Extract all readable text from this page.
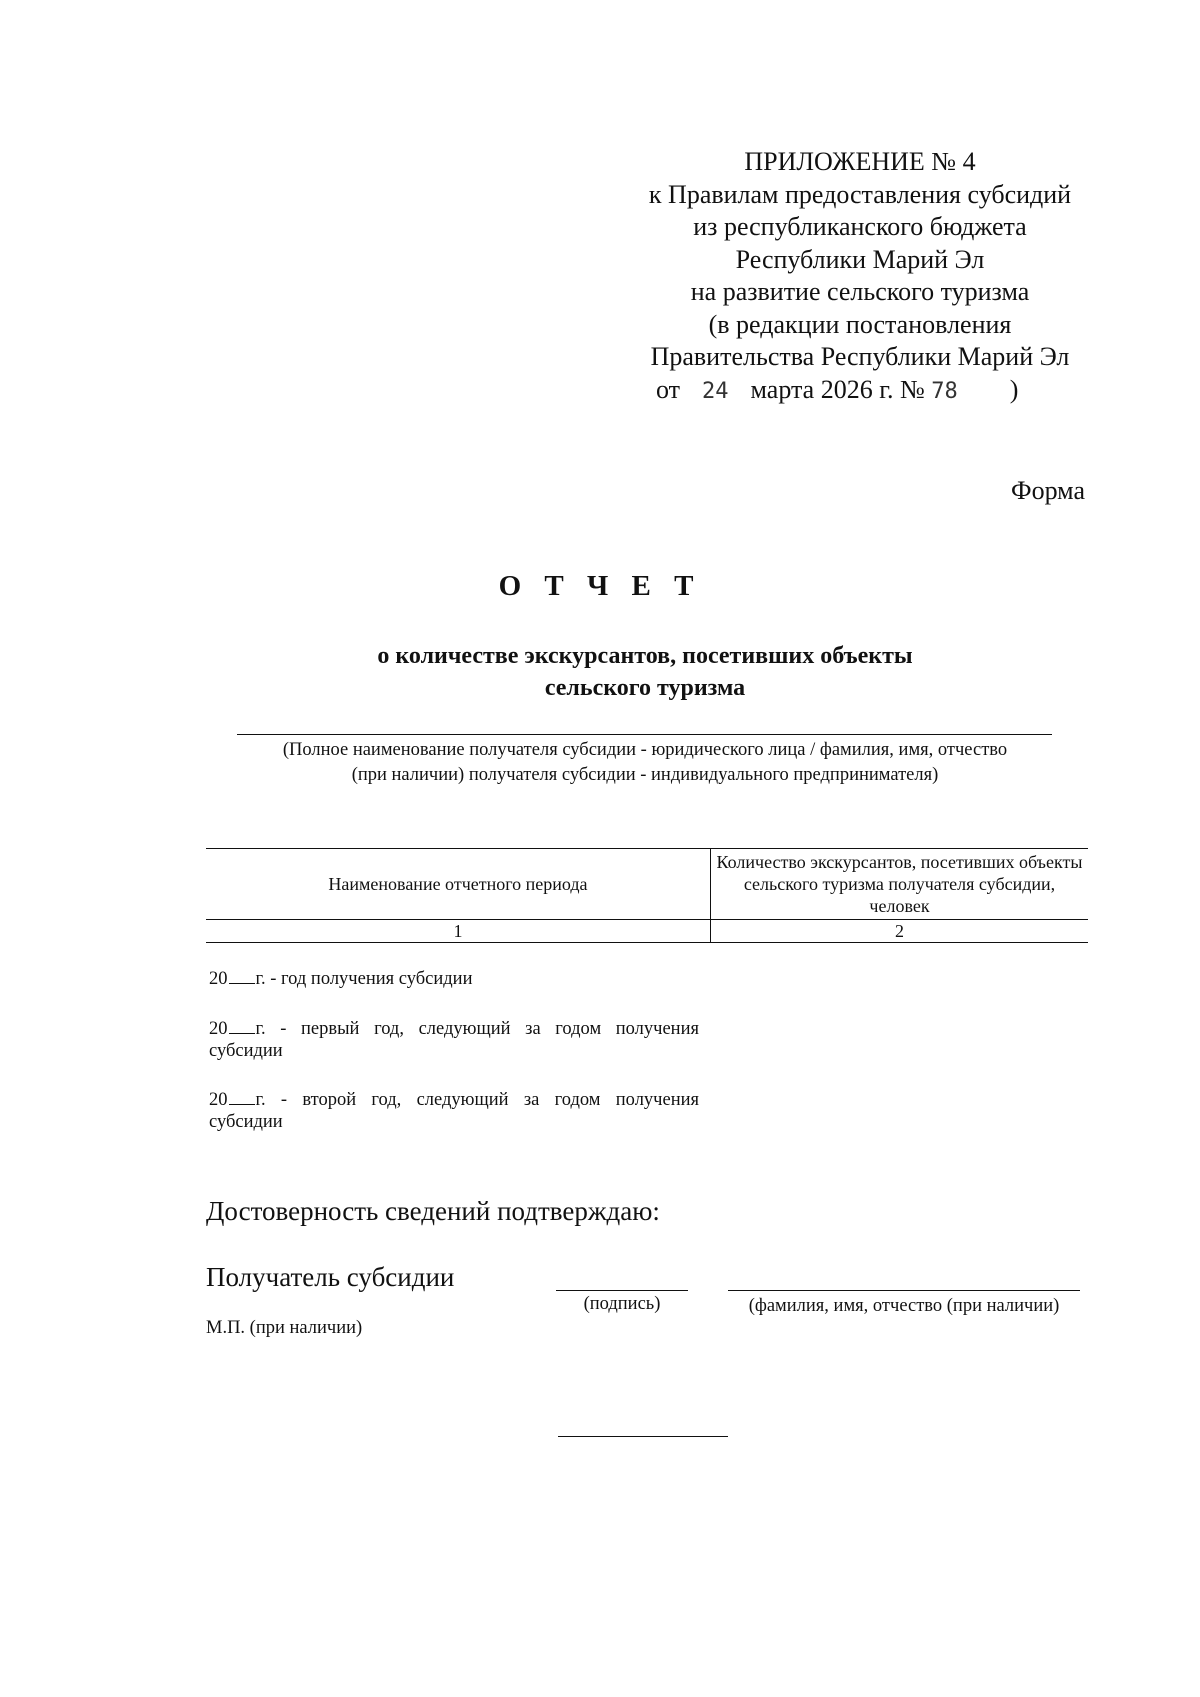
ПРИЛОЖЕНИЕ № 4
к Правилам предоставления субсидий
из республиканского бюджета
Республики Марий Эл
на развитие сельского туризма
(в редакции постановления
Правительства Республики Марий Эл
от 24 марта 2026 г. № 78 )
Форма
О Т Ч Е Т
о количестве экскурсантов, посетивших объекты
сельского туризма
(Полное наименование получателя субсидии - юридического лица / фамилия, имя, отчество
(при наличии) получателя субсидии - индивидуального предпринимателя)
Наименование отчетного периода	Количество экскурсантов, посетивших объекты сельского туризма получателя субсидии, человек
1	2
20 г. - год получения субсидии
20 г. - первый год, следующий за годом получения субсидии
20 г. - второй год, следующий за годом получения субсидии
Достоверность сведений подтверждаю:
Получатель субсидии
(подпись)	(фамилия, имя, отчество (при наличии)
М.П. (при наличии)
